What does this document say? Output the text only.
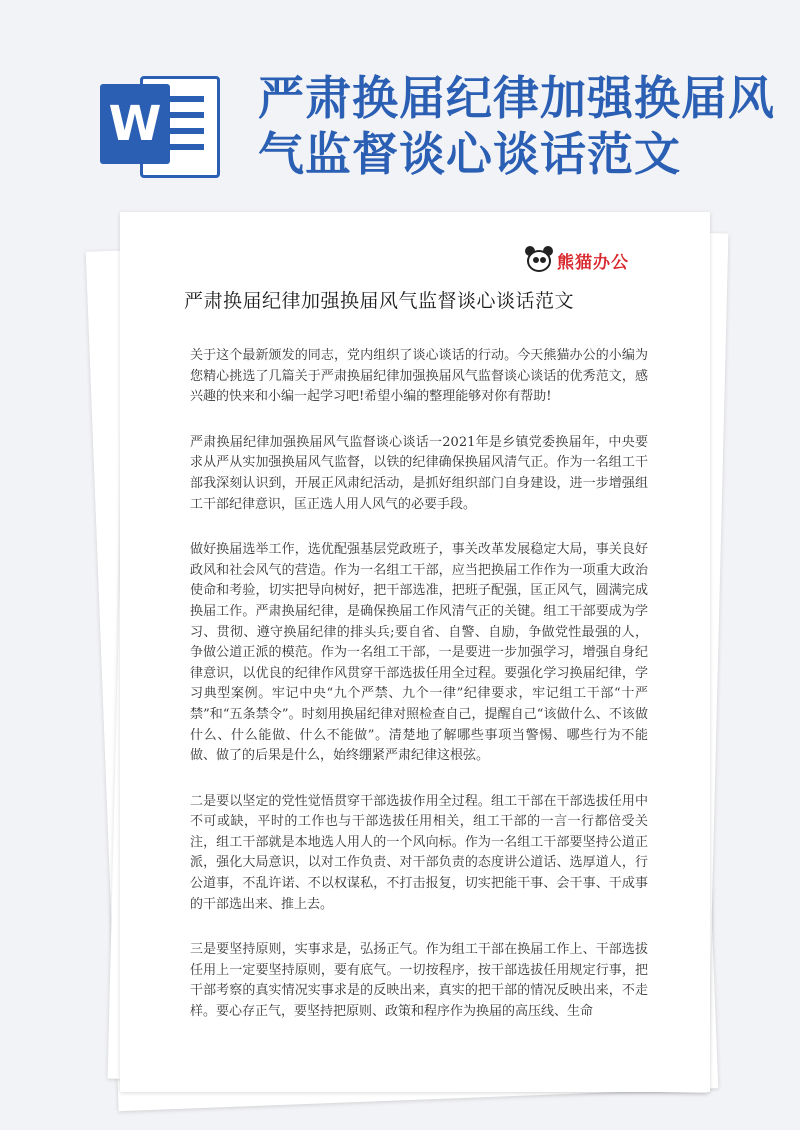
W 严肃换届纪律加强换届风气监督谈心谈话范文
熊猫办公
严肃换届纪律加强换届风气监督谈心谈话范文

关于这个最新颁发的同志，党内组织了谈心谈话的行动。今天熊猫办公的小编为您精心挑选了几篇关于严肃换届纪律加强换届风气监督谈心谈话的优秀范文，感兴趣的快来和小编一起学习吧!希望小编的整理能够对你有帮助!

严肃换届纪律加强换届风气监督谈心谈话一2021年是乡镇党委换届年，中央要求从严从实加强换届风气监督，以铁的纪律确保换届风清气正。作为一名组工干部我深刻认识到，开展正风肃纪活动，是抓好组织部门自身建设，进一步增强组工干部纪律意识，匡正选人用人风气的必要手段。

做好换届选举工作，选优配强基层党政班子，事关改革发展稳定大局，事关良好政风和社会风气的营造。作为一名组工干部，应当把换届工作作为一项重大政治使命和考验，切实把导向树好，把干部选准，把班子配强，匡正风气，圆满完成换届工作。严肃换届纪律，是确保换届工作风清气正的关键。组工干部要成为学习、贯彻、遵守换届纪律的排头兵;要自省、自警、自励，争做党性最强的人，争做公道正派的模范。作为一名组工干部，一是要进一步加强学习，增强自身纪律意识，以优良的纪律作风贯穿干部选拔任用全过程。要强化学习换届纪律，学习典型案例。牢记中央“九个严禁、九个一律”纪律要求，牢记组工干部“十严禁”和“五条禁令”。时刻用换届纪律对照检查自己，提醒自己“该做什么、不该做什么、什么能做、什么不能做”。清楚地了解哪些事项当警惕、哪些行为不能做、做了的后果是什么，始终绷紧严肃纪律这根弦。

二是要以坚定的党性觉悟贯穿干部选拔作用全过程。组工干部在干部选拔任用中不可或缺，平时的工作也与干部选拔任用相关，组工干部的一言一行都倍受关注，组工干部就是本地选人用人的一个风向标。作为一名组工干部要坚持公道正派，强化大局意识，以对工作负责、对干部负责的态度讲公道话、选厚道人，行公道事，不乱许诺、不以权谋私，不打击报复，切实把能干事、会干事、干成事的干部选出来、推上去。

三是要坚持原则，实事求是，弘扬正气。作为组工干部在换届工作上、干部选拔任用上一定要坚持原则，要有底气。一切按程序，按干部选拔任用规定行事，把干部考察的真实情况实事求是的反映出来，真实的把干部的情况反映出来，不走样。要心存正气，要坚持把原则、政策和程序作为换届的高压线、生命
